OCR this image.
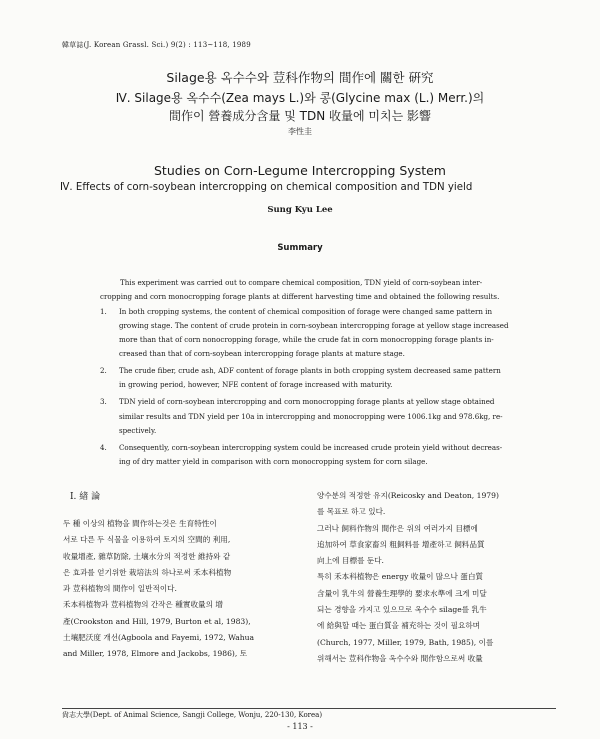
韓草誌(J. Korean Grassl. Sci.) 9(2) : 113~118, 1989
Silage용 옥수수와 荳科作物의 間作에 關한 硏究
Ⅳ. Silage용 옥수수(Zea mays L.)와 콩(Glycine max (L.) Merr.)의
間作이 營養成分含量 및 TDN 收量에 미치는 影響
李性圭
Studies on Corn-Legume Intercropping System
Ⅳ. Effects of corn-soybean intercropping on chemical composition and TDN yield
Sung Kyu Lee
Summary
This experiment was carried out to compare chemical composition, TDN yield of corn-soybean inter-
cropping and corn monocropping forage plants at different harvesting time and obtained the following results.
1. In both cropping systems, the content of chemical composition of forage were changed same pattern in
growing stage. The content of crude protein in corn-soybean intercropping forage at yellow stage increased
more than that of corn nonocropping forage, while the crude fat in corn monocropping forage plants in-
creased than that of corn-soybean intercropping forage plants at mature stage.
2. The crude fiber, crude ash, ADF content of forage plants in both cropping system decreased same pattern
in growing period, however, NFE content of forage increased with maturity.
3. TDN yield of corn-soybean intercropping and corn monocropping forage plants at yellow stage obtained
similar results and TDN yield per 10a in intercropping and monocropping were 1006.1kg and 978.6kg, re-
spectively.
4. Consequently, corn-soybean intercropping system could be increased crude protein yield without decreas-
ing of dry matter yield in comparison with corn monocropping system for corn silage.
Ⅰ. 緖 論
두 種 이상의 植物을 間作하는것은 生育特性이
서로 다른 두 식물을 이용하여 토지의 空間的 利用,
收量增產, 雜草防除, 土壤水分의 적정한 維持와 같
은 효과를 얻기위한 栽培法의 하나로써 禾本科植物
과 荳科植物의 間作이 일반적이다.
禾本科植物과 荳科植物의 간작은 種實收量의 增
產(Crookston and Hill, 1979, Burton et al, 1983),
土壤肥沃度 개선(Agboola and Fayemi, 1972, Wahua
and Miller, 1978, Elmore and Jackobs, 1986), 토
양수분의 적정한 유지(Reicosky and Deaton, 1979)
를 목표로 하고 있다.
그러나 飼料作物의 間作은 위의 여러가지 目標에
追加하여 草食家畜의 粗飼料를 增產하고 飼料品質
向上에 目標를 둔다.
특히 禾本科植物은 energy 收量이 많으나 蛋白質
含量이 乳牛의 營養生理學的 要求水準에 크게 미달
되는 경향을 가지고 있으므로 옥수수 silage를 乳牛
에 給與할 때는 蛋白質을 補充하는 것이 필요하며
(Church, 1977, Miller, 1979, Bath, 1985), 이를
위해서는 荳科作物을 옥수수와 間作함으로써 收量
尙志大學(Dept. of Animal Science, Sangji College, Wonju, 220-130, Korea)
- 113 -
